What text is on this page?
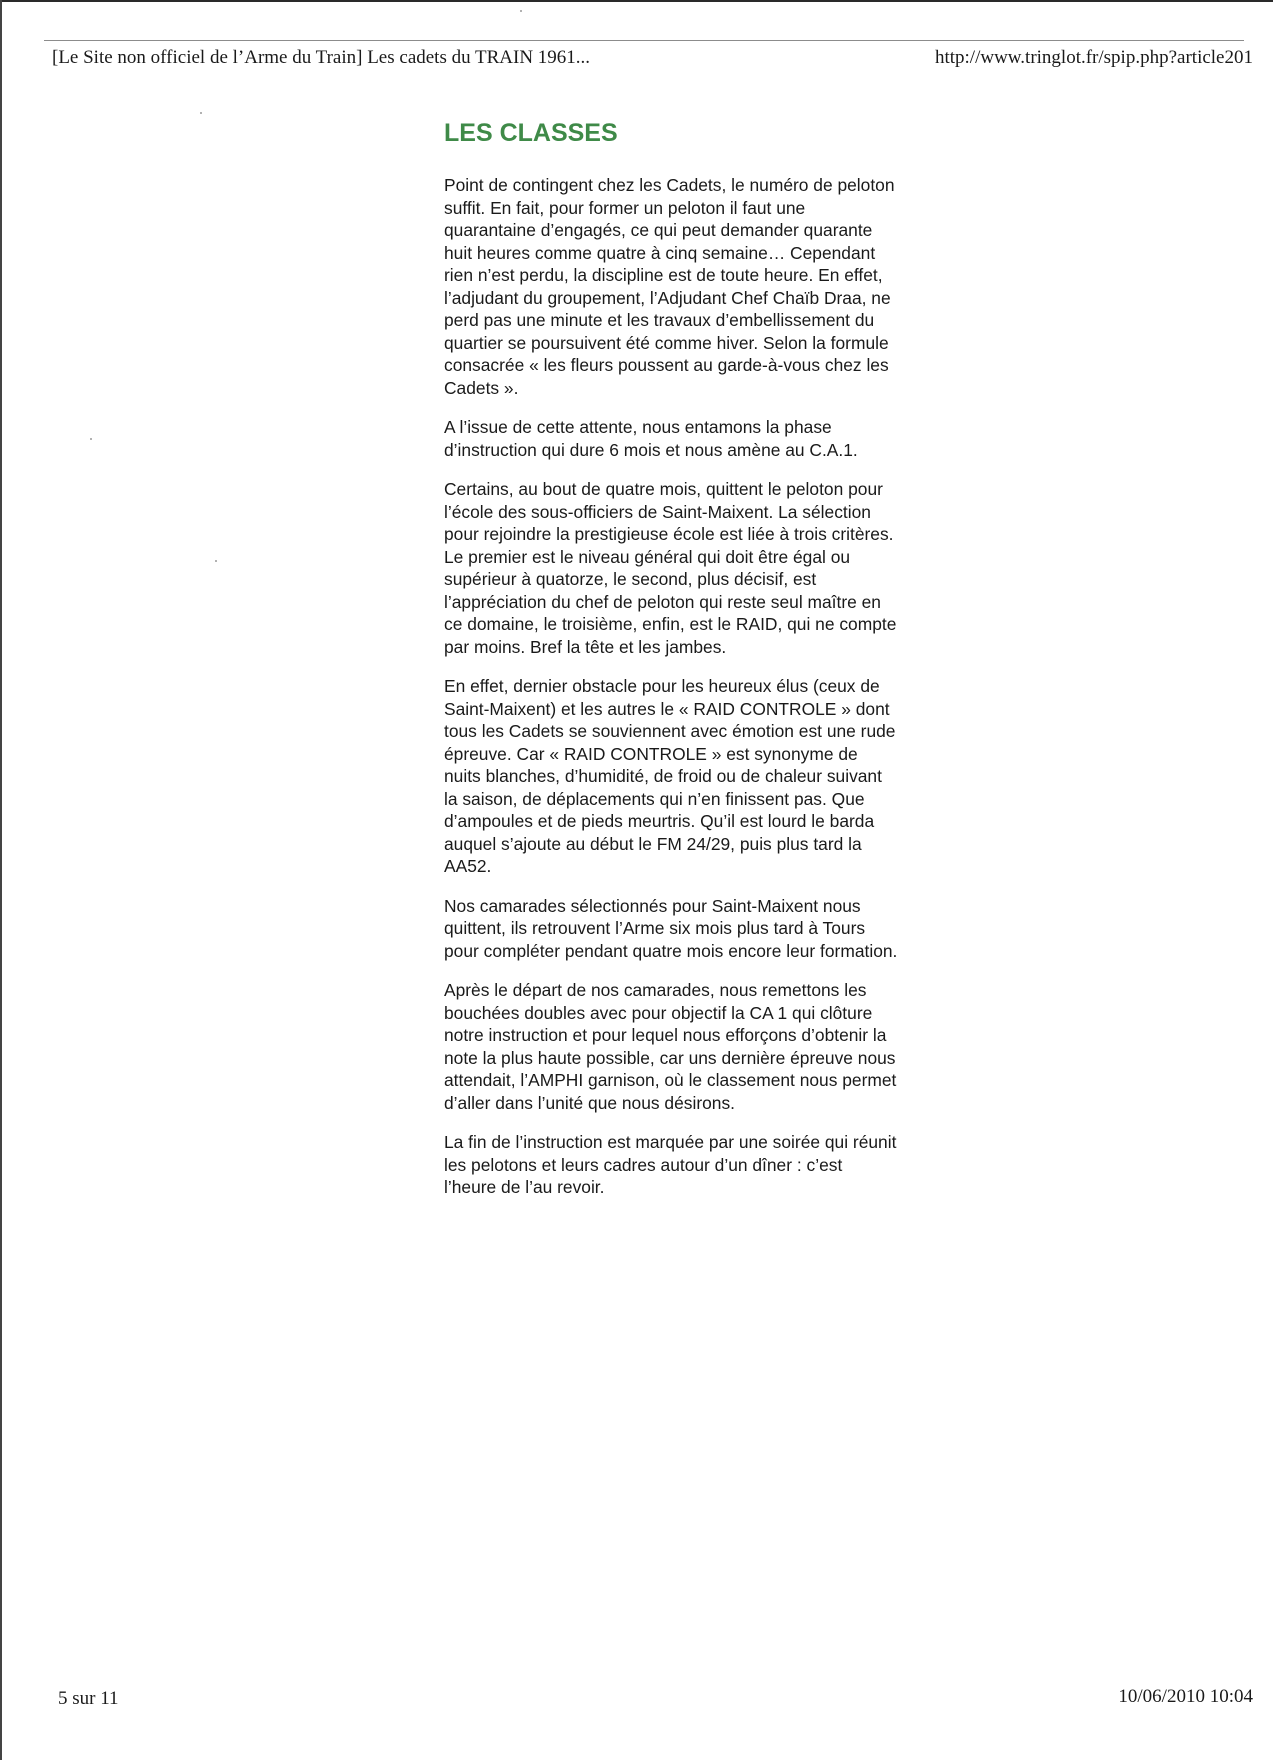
[Le Site non officiel de l’Arme du Train] Les cadets du TRAIN 1961...	http://www.tringlot.fr/spip.php?article201
LES CLASSES

Point de contingent chez les Cadets, le numéro de peloton suffit. En fait, pour former un peloton il faut une quarantaine d’engagés, ce qui peut demander quarante huit heures comme quatre à cinq semaine… Cependant rien n’est perdu, la discipline est de toute heure. En effet, l’adjudant du groupement, l’Adjudant Chef Chaïb Draa, ne perd pas une minute et les travaux d’embellissement du quartier se poursuivent été comme hiver. Selon la formule consacrée « les fleurs poussent au garde-à-vous chez les Cadets ».

A l’issue de cette attente, nous entamons la phase d’instruction qui dure 6 mois et nous amène au C.A.1.

Certains, au bout de quatre mois, quittent le peloton pour l’école des sous-officiers de Saint-Maixent. La sélection pour rejoindre la prestigieuse école est liée à trois critères. Le premier est le niveau général qui doit être égal ou supérieur à quatorze, le second, plus décisif, est l’appréciation du chef de peloton qui reste seul maître en ce domaine, le troisième, enfin, est le RAID, qui ne compte par moins. Bref la tête et les jambes.

En effet, dernier obstacle pour les heureux élus (ceux de Saint-Maixent) et les autres le « RAID CONTROLE » dont tous les Cadets se souviennent avec émotion est une rude épreuve. Car « RAID CONTROLE » est synonyme de nuits blanches, d’humidité, de froid ou de chaleur suivant la saison, de déplacements qui n’en finissent pas. Que d’ampoules et de pieds meurtris. Qu’il est lourd le barda auquel s’ajoute au début le FM 24/29, puis plus tard la AA52.

Nos camarades sélectionnés pour Saint-Maixent nous quittent, ils retrouvent l’Arme six mois plus tard à Tours pour compléter pendant quatre mois encore leur formation.

Après le départ de nos camarades, nous remettons les bouchées doubles avec pour objectif la CA 1 qui clôture notre instruction et pour lequel nous efforçons d’obtenir la note la plus haute possible, car uns dernière épreuve nous attendait, l’AMPHI garnison, où le classement nous permet d’aller dans l’unité que nous désirons.

La fin de l’instruction est marquée par une soirée qui réunit les pelotons et leurs cadres autour d’un dîner : c’est l’heure de l’au revoir.

5 sur 11	10/06/2010 10:04
